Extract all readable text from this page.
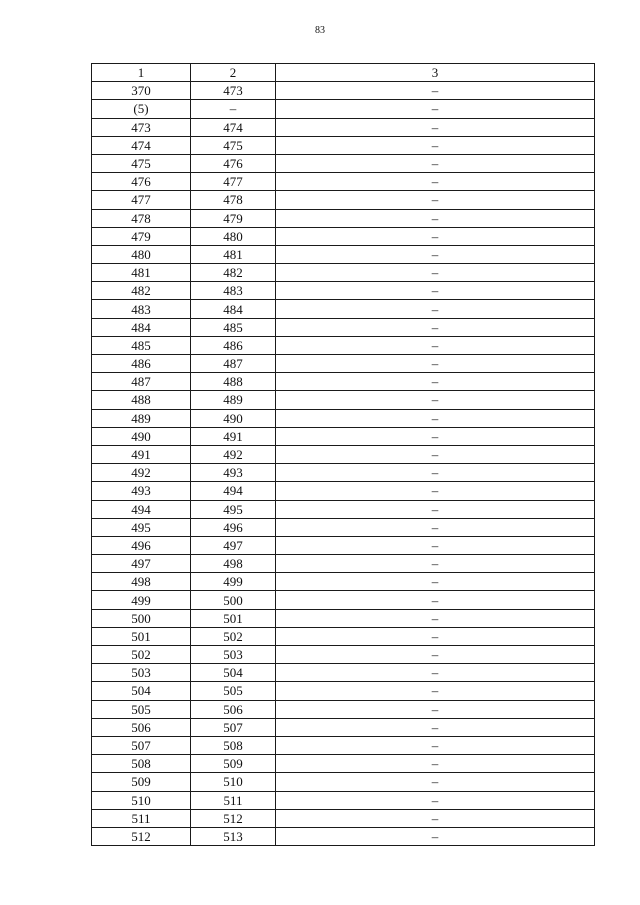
83
1	2	3
370	473	–
(5)	–	–
473	474	–
474	475	–
475	476	–
476	477	–
477	478	–
478	479	–
479	480	–
480	481	–
481	482	–
482	483	–
483	484	–
484	485	–
485	486	–
486	487	–
487	488	–
488	489	–
489	490	–
490	491	–
491	492	–
492	493	–
493	494	–
494	495	–
495	496	–
496	497	–
497	498	–
498	499	–
499	500	–
500	501	–
501	502	–
502	503	–
503	504	–
504	505	–
505	506	–
506	507	–
507	508	–
508	509	–
509	510	–
510	511	–
511	512	–
512	513	–
